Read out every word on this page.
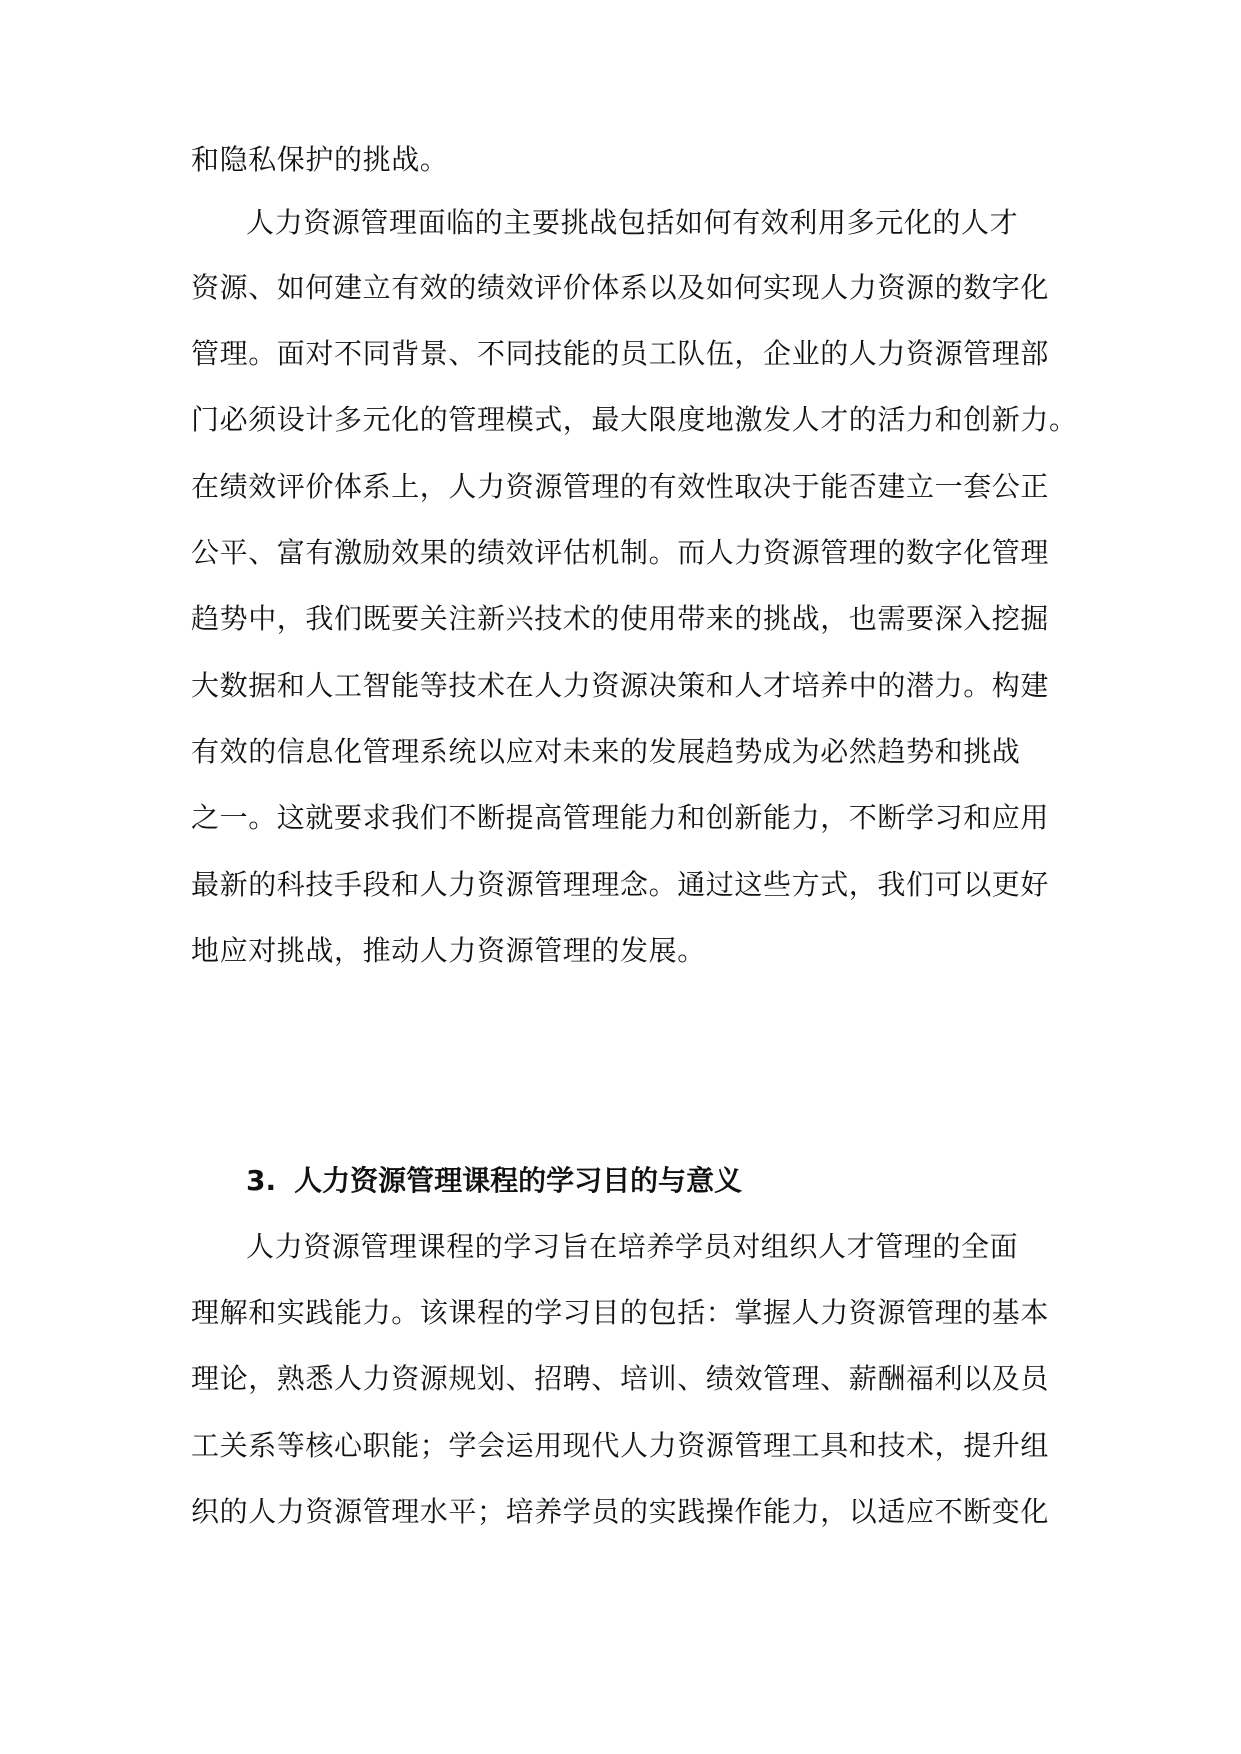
和隐私保护的挑战。
人力资源管理面临的主要挑战包括如何有效利用多元化的人才
资源、如何建立有效的绩效评价体系以及如何实现人力资源的数字化
管理。面对不同背景、不同技能的员工队伍，企业的人力资源管理部
门必须设计多元化的管理模式，最大限度地激发人才的活力和创新力。
在绩效评价体系上，人力资源管理的有效性取决于能否建立一套公正
公平、富有激励效果的绩效评估机制。而人力资源管理的数字化管理
趋势中，我们既要关注新兴技术的使用带来的挑战，也需要深入挖掘
大数据和人工智能等技术在人力资源决策和人才培养中的潜力。构建
有效的信息化管理系统以应对未来的发展趋势成为必然趋势和挑战
之一。这就要求我们不断提高管理能力和创新能力，不断学习和应用
最新的科技手段和人力资源管理理念。通过这些方式，我们可以更好
地应对挑战，推动人力资源管理的发展。
3. 人力资源管理课程的学习目的与意义
人力资源管理课程的学习旨在培养学员对组织人才管理的全面
理解和实践能力。该课程的学习目的包括：掌握人力资源管理的基本
理论，熟悉人力资源规划、招聘、培训、绩效管理、薪酬福利以及员
工关系等核心职能；学会运用现代人力资源管理工具和技术，提升组
织的人力资源管理水平；培养学员的实践操作能力，以适应不断变化
